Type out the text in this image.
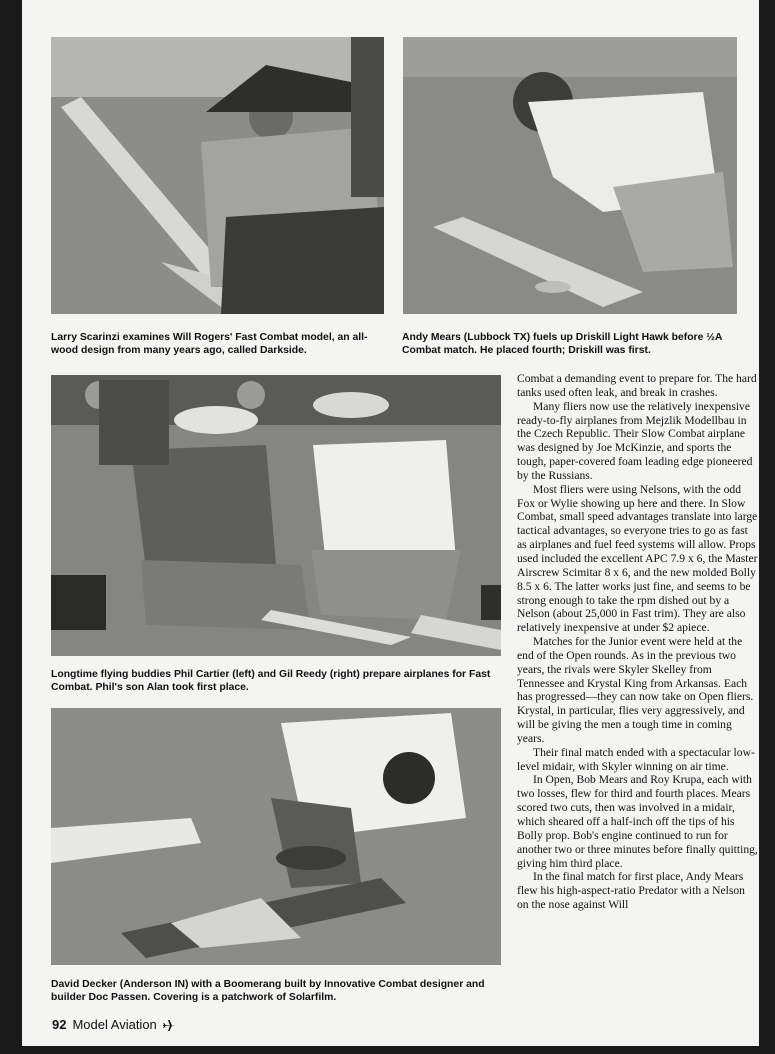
Larry Scarinzi examines Will Rogers' Fast Combat model, an all-wood design from many years ago, called Darkside.
Andy Mears (Lubbock TX) fuels up Driskill Light Hawk before ½A Combat match. He placed fourth; Driskill was first.
Longtime flying buddies Phil Cartier (left) and Gil Reedy (right) prepare airplanes for Fast Combat. Phil's son Alan took first place.
David Decker (Anderson IN) with a Boomerang built by Innovative Combat designer and builder Doc Passen. Covering is a patchwork of Solarfilm.

Combat a demanding event to prepare for. The hard tanks used often leak, and break in crashes.

Many fliers now use the relatively inexpensive ready-to-fly airplanes from Mejzlik Modellbau in the Czech Republic. Their Slow Combat airplane was designed by Joe McKinzie, and sports the tough, paper-covered foam leading edge pioneered by the Russians.

Most fliers were using Nelsons, with the odd Fox or Wylie showing up here and there. In Slow Combat, small speed advantages translate into large tactical advantages, so everyone tries to go as fast as airplanes and fuel feed systems will allow. Props used included the excellent APC 7.9 x 6, the Master Airscrew Scimitar 8 x 6, and the new molded Bolly 8.5 x 6. The latter works just fine, and seems to be strong enough to take the rpm dished out by a Nelson (about 25,000 in Fast trim). They are also relatively inexpensive at under $2 apiece.

Matches for the Junior event were held at the end of the Open rounds. As in the previous two years, the rivals were Skyler Skelley from Tennessee and Krystal King from Arkansas. Each has progressed—they can now take on Open fliers. Krystal, in particular, flies very aggressively, and will be giving the men a tough time in coming years.

Their final match ended with a spectacular low-level midair, with Skyler winning on air time.

In Open, Bob Mears and Roy Krupa, each with two losses, flew for third and fourth places. Mears scored two cuts, then was involved in a midair, which sheared off a half-inch off the tips of his Bolly prop. Bob's engine continued to run for another two or three minutes before finally quitting, giving him third place.

In the final match for first place, Andy Mears flew his high-aspect-ratio Predator with a Nelson on the nose against Will

92 Model Aviation
